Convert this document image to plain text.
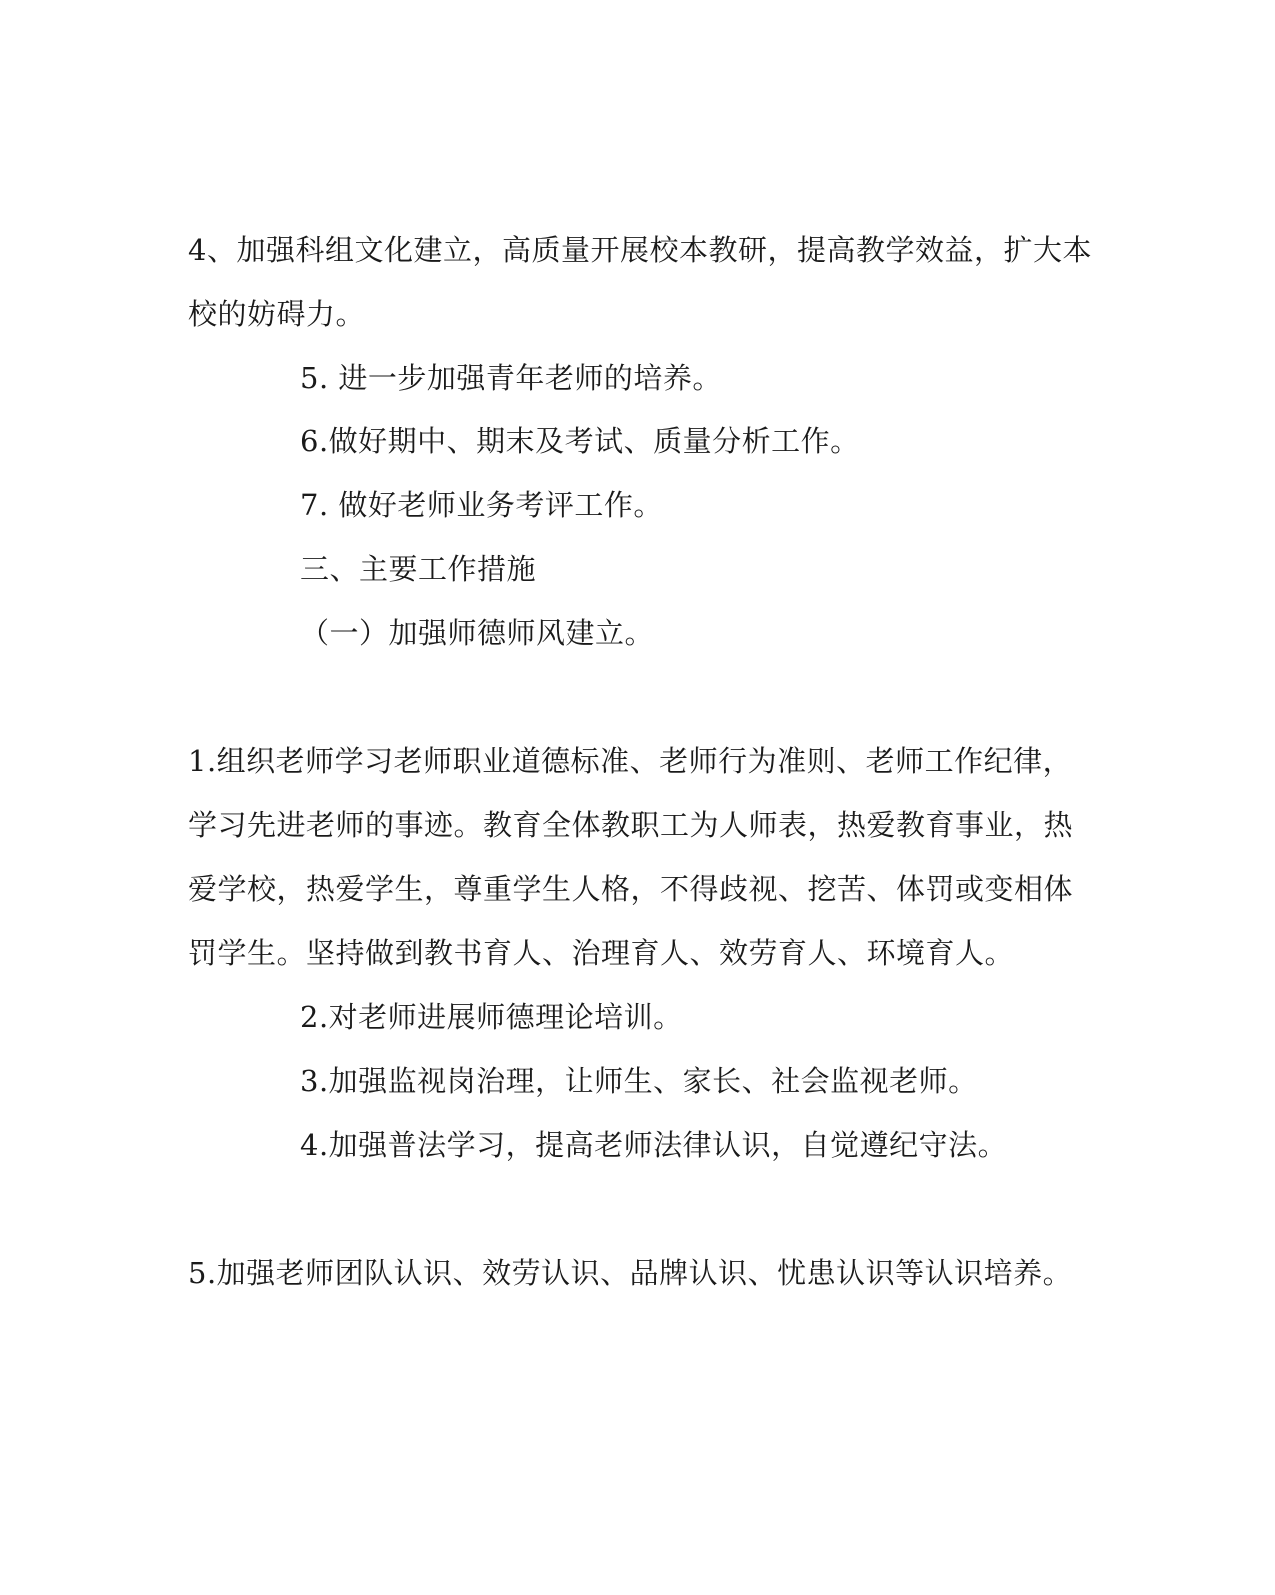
4、加强科组文化建立，高质量开展校本教研，提高教学效益，扩大本
校的妨碍力。
5. 进一步加强青年老师的培养。
6.做好期中、期末及考试、质量分析工作。
7. 做好老师业务考评工作。
三、主要工作措施
（一）加强师德师风建立。
1.组织老师学习老师职业道德标准、老师行为准则、老师工作纪律，
学习先进老师的事迹。教育全体教职工为人师表，热爱教育事业，热
爱学校，热爱学生，尊重学生人格，不得歧视、挖苦、体罚或变相体
罚学生。坚持做到教书育人、治理育人、效劳育人、环境育人。
2.对老师进展师德理论培训。
3.加强监视岗治理，让师生、家长、社会监视老师。
4.加强普法学习，提高老师法律认识，自觉遵纪守法。
5.加强老师团队认识、效劳认识、品牌认识、忧患认识等认识培养。
